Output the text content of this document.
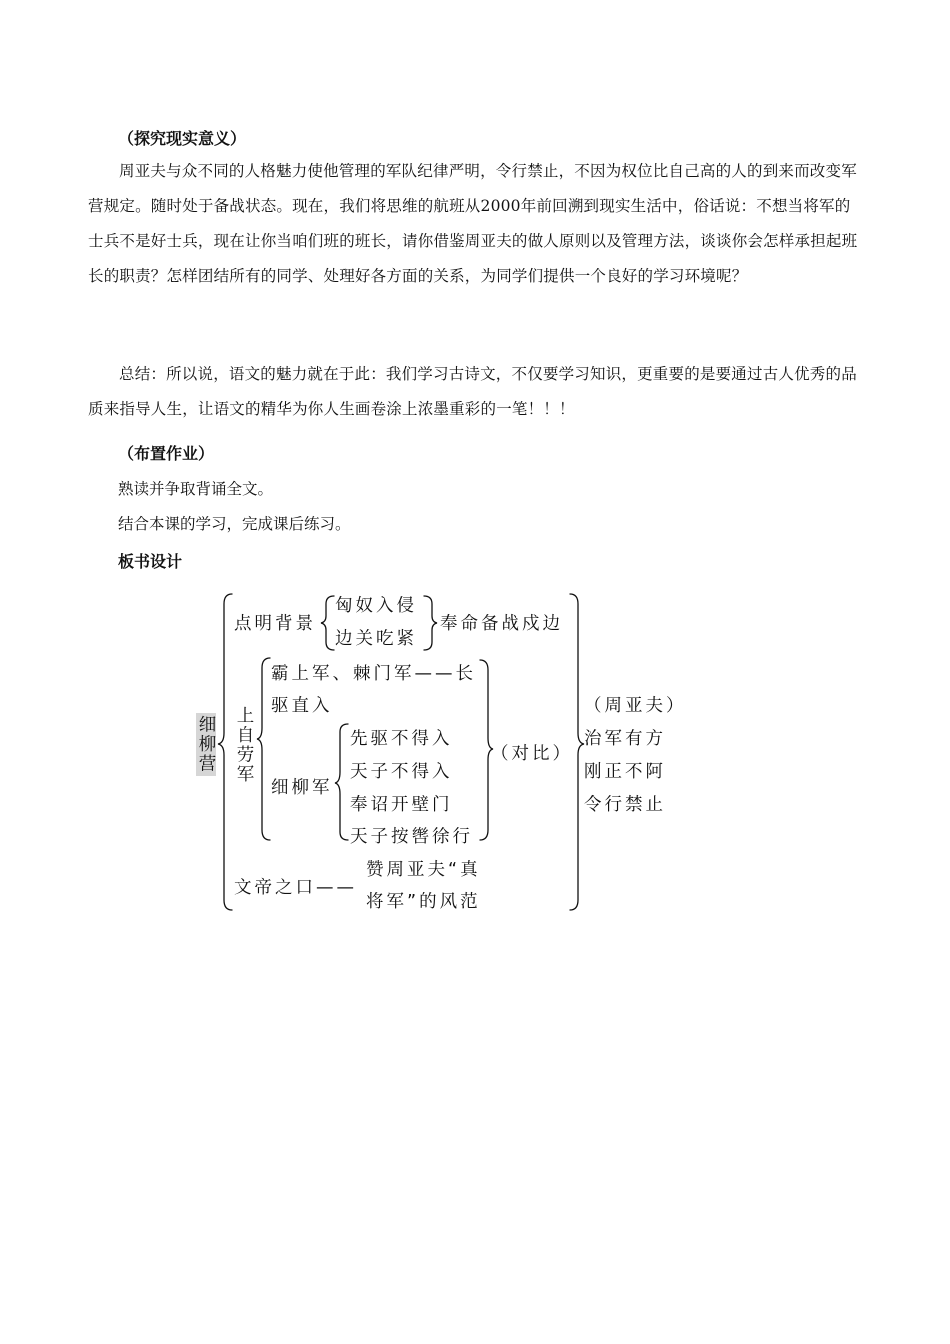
（探究现实意义）
周亚夫与众不同的人格魅力使他管理的军队纪律严明，令行禁止，不因为权位比自己高的人的到来而改变军营规定。随时处于备战状态。现在，我们将思维的航班从2000年前回溯到现实生活中，俗话说：不想当将军的士兵不是好士兵，现在让你当咱们班的班长，请你借鉴周亚夫的做人原则以及管理方法，谈谈你会怎样承担起班长的职责？怎样团结所有的同学、处理好各方面的关系，为同学们提供一个良好的学习环境呢？
总结：所以说，语文的魅力就在于此：我们学习古诗文，不仅要学习知识，更重要的是要通过古人优秀的品质来指导人生，让语文的精华为你人生画卷涂上浓墨重彩的一笔！！！
（布置作业）
熟读并争取背诵全文。
结合本课的学习，完成课后练习。
板书设计
细柳营
点明背景
匈奴入侵
边关吃紧
奉命备战戍边
上自劳军
霸上军、棘门军——长
驱直入
细柳军
先驱不得入
天子不得入
奉诏开壁门
天子按辔徐行
（对比）
文帝之口——
赞周亚夫“真
将军”的风范
（周亚夫）
治军有方
刚正不阿
令行禁止
